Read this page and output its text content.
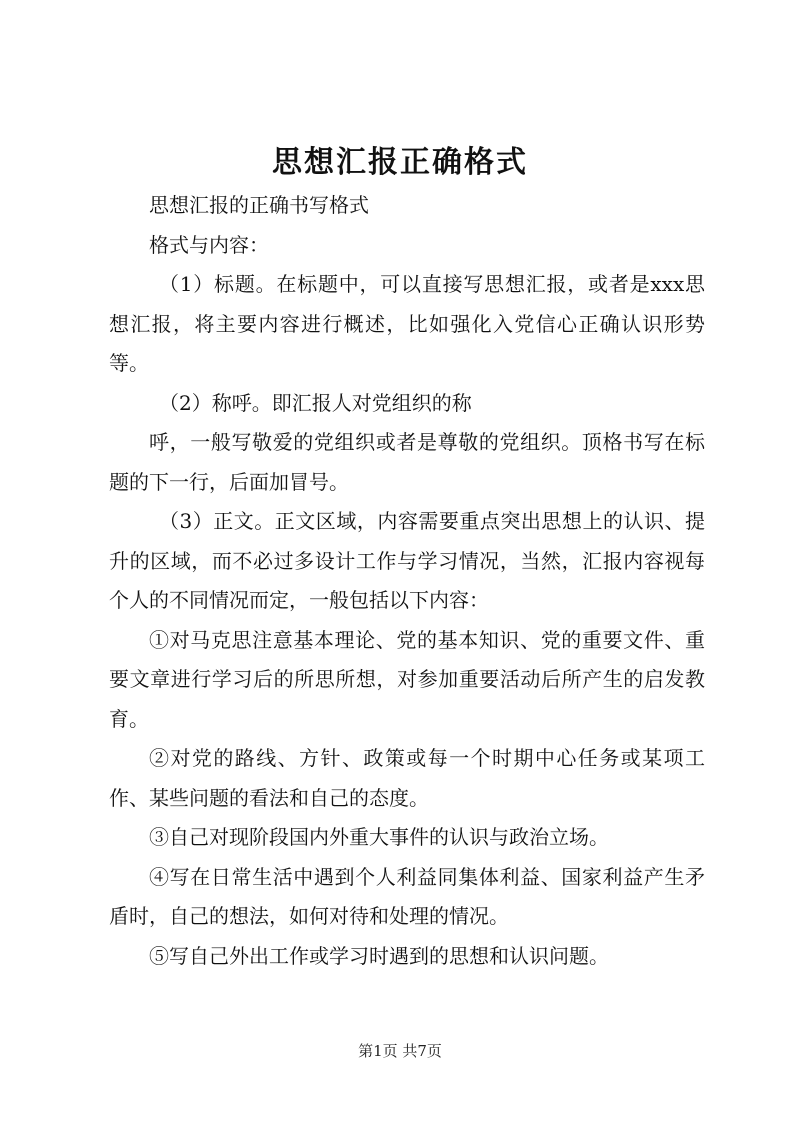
思想汇报正确格式

思想汇报的正确书写格式

格式与内容：

（1）标题。在标题中，可以直接写思想汇报，或者是xxx思想汇报，将主要内容进行概述，比如强化入党信心正确认识形势等。

（2）称呼。即汇报人对党组织的称

呼，一般写敬爱的党组织或者是尊敬的党组织。顶格书写在标题的下一行，后面加冒号。

（3）正文。正文区域，内容需要重点突出思想上的认识、提升的区域，而不必过多设计工作与学习情况，当然，汇报内容视每个人的不同情况而定，一般包括以下内容：

①对马克思注意基本理论、党的基本知识、党的重要文件、重要文章进行学习后的所思所想，对参加重要活动后所产生的启发教育。

②对党的路线、方针、政策或每一个时期中心任务或某项工作、某些问题的看法和自己的态度。

③自己对现阶段国内外重大事件的认识与政治立场。

④写在日常生活中遇到个人利益同集体利益、国家利益产生矛盾时，自己的想法，如何对待和处理的情况。

⑤写自己外出工作或学习时遇到的思想和认识问题。

第1页 共7页
